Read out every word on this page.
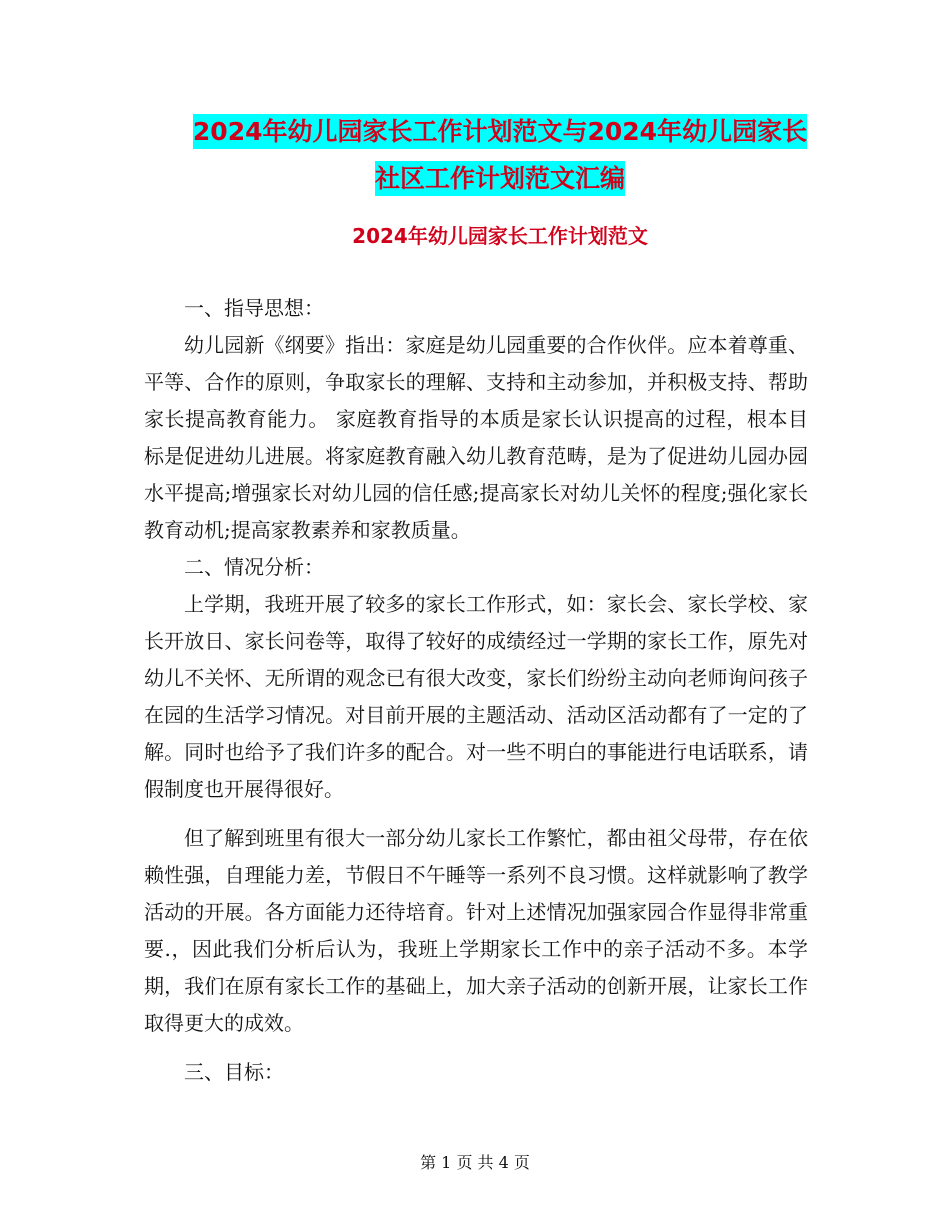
2024年幼儿园家长工作计划范文与2024年幼儿园家长
社区工作计划范文汇编
2024年幼儿园家长工作计划范文

一、指导思想：

幼儿园新《纲要》指出：家庭是幼儿园重要的合作伙伴。应本着尊重、平等、合作的原则，争取家长的理解、支持和主动参加，并积极支持、帮助家长提高教育能力。 家庭教育指导的本质是家长认识提高的过程，根本目标是促进幼儿进展。将家庭教育融入幼儿教育范畴，是为了促进幼儿园办园水平提高;增强家长对幼儿园的信任感;提高家长对幼儿关怀的程度;强化家长教育动机;提高家教素养和家教质量。

二、情况分析：

上学期，我班开展了较多的家长工作形式，如：家长会、家长学校、家长开放日、家长问卷等，取得了较好的成绩经过一学期的家长工作，原先对幼儿不关怀、无所谓的观念已有很大改变，家长们纷纷主动向老师询问孩子在园的生活学习情况。对目前开展的主题活动、活动区活动都有了一定的了解。同时也给予了我们许多的配合。对一些不明白的事能进行电话联系，请假制度也开展得很好。

但了解到班里有很大一部分幼儿家长工作繁忙，都由祖父母带，存在依赖性强，自理能力差，节假日不午睡等一系列不良习惯。这样就影响了教学活动的开展。各方面能力还待培育。针对上述情况加强家园合作显得非常重要.，因此我们分析后认为，我班上学期家长工作中的亲子活动不多。本学期，我们在原有家长工作的基础上，加大亲子活动的创新开展，让家长工作取得更大的成效。

三、目标：

第 1 页 共 4 页
